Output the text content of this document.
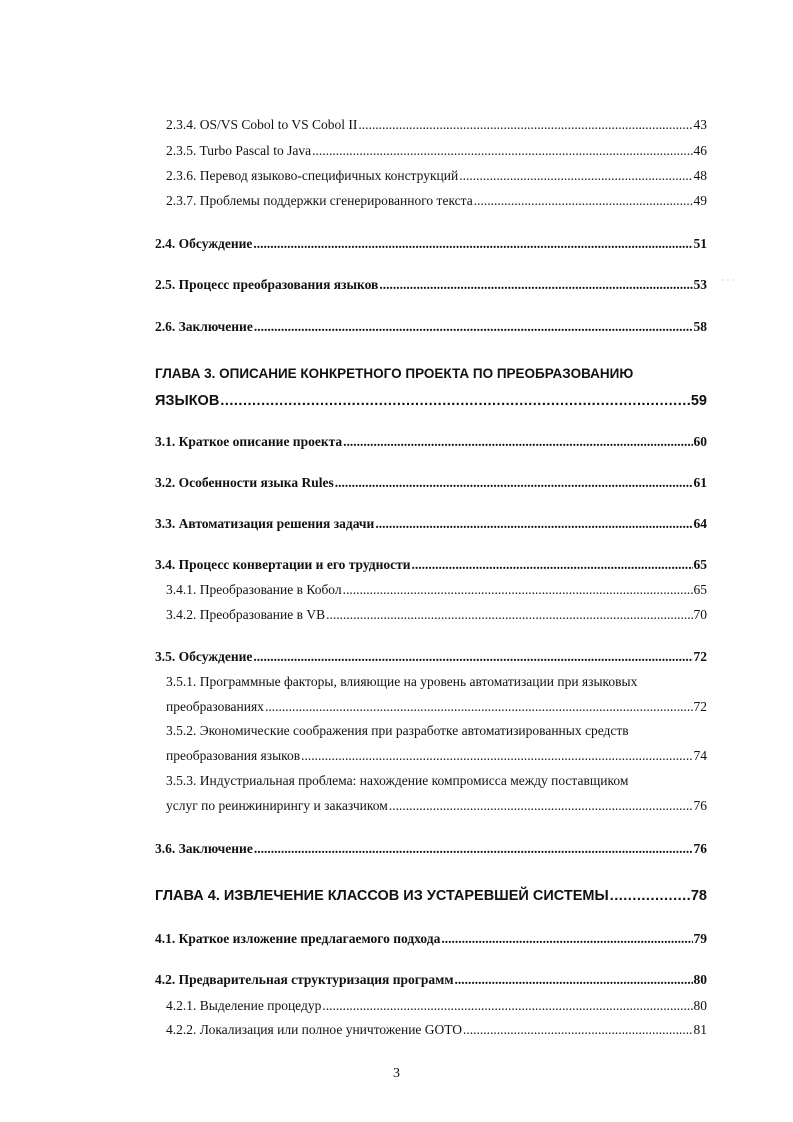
2.3.4. OS/VS Cobol to VS Cobol II .....	43
2.3.5. Turbo Pascal to Java .....	46
2.3.6. Перевод языково-специфичных конструкций .....	48
2.3.7. Проблемы поддержки сгенерированного текста .....	49
2.4. Обсуждение .....	51
2.5. Процесс преобразования языков .....	53 · · ·
2.6. Заключение .....	58
ГЛАВА 3. ОПИСАНИЕ КОНКРЕТНОГО ПРОЕКТА ПО ПРЕОБРАЗОВАНИЮ
ЯЗЫКОВ .....	59
3.1. Краткое описание проекта .....	60
3.2. Особенности языка Rules .....	61
3.3. Автоматизация решения задачи .....	64
3.4. Процесс конвертации и его трудности .....	65
3.4.1. Преобразование в Кобол .....	65
3.4.2. Преобразование в VB .....	70
3.5. Обсуждение .....	72
3.5.1. Программные факторы, влияющие на уровень автоматизации при языковых
преобразованиях .....	72
3.5.2. Экономические соображения при разработке автоматизированных средств
преобразования языков .....	74
3.5.3. Индустриальная проблема: нахождение компромисса между поставщиком
услуг по реинжинирингу и заказчиком .....	76
3.6. Заключение .....	76
ГЛАВА 4. ИЗВЛЕЧЕНИЕ КЛАССОВ ИЗ УСТАРЕВШЕЙ СИСТЕМЫ .....	78
4.1. Краткое изложение предлагаемого подхода .....	79
4.2. Предварительная структуризация программ .....	80
4.2.1. Выделение процедур .....	80
4.2.2. Локализация или полное уничтожение GOTO .....	81
3
